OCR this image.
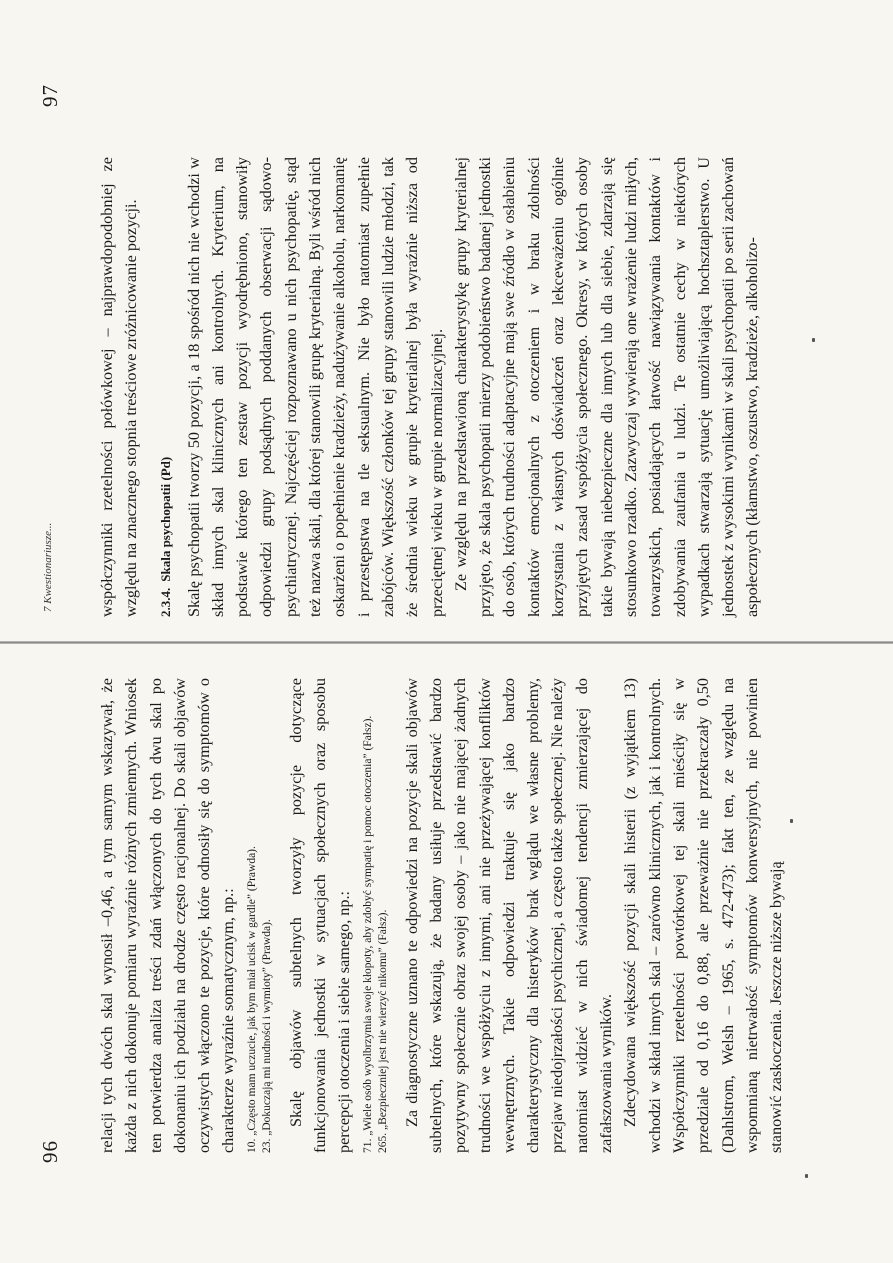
96 relacji tych dwóch skal wynosił –0,46, a tym samym wskazywał, że każda z nich dokonuje pomiaru wyraźnie różnych zmiennych. Wniosek ten potwierdza analiza treści zdań włączonych do tych dwu skal po dokonaniu ich podziału na drodze często racjonalnej. Do skali objawów oczywistych włączono te pozycje, które odnosiły się do symptomów o charakterze wyraźnie somatycznym, np.: 10. „Często mam uczucie, jak bym miał ucisk w gardle” (Prawda). 23. „Dokuczają mi nudności i wymioty” (Prawda). Skalę objawów subtelnych tworzyły pozycje dotyczące funkcjonowania jednostki w sytuacjach społecznych oraz sposobu percepcji otoczenia i siebie samego, np.: 71. „Wiele osób wyolbrzymia swoje kłopoty, aby zdobyć sympatię i pomoc otoczenia” (Fałsz). 265. „Bezpieczniej jest nie wierzyć nikomu” (Fałsz). Za diagnostyczne uznano te odpowiedzi na pozycje skali objawów subtelnych, które wskazują, że badany usiłuje przedstawić bardzo pozytywny społecznie obraz swojej osoby – jako nie mającej żadnych trudności we współżyciu z innymi, ani nie przeżywającej konfliktów wewnętrznych. Takie odpowiedzi traktuje się jako bardzo charakterystyczny dla histeryków brak wglądu we własne problemy, przejaw niedojrzałości psychicznej, a często także społecznej. Nie należy natomiast widzieć w nich świadomej tendencji zmierzającej do zafałszowania wyników. Zdecydowana większość pozycji skali histerii (z wyjątkiem 13) wchodzi w skład innych skal – zarówno klinicznych, jak i kontrolnych. Współczynniki rzetelności powtórkowej tej skali mieściły się w przedziale od 0,16 do 0,88, ale przeważnie nie przekraczały 0,50 (Dahlstrom, Welsh – 1965, s. 472-473); fakt ten, ze względu na wspomnianą nietrwałość symptomów konwersyjnych, nie powinien stanowić zaskoczenia. Jeszcze niższe bywają

7 Kwestionariusze...
97

współczynniki rzetelności połówkowej – najprawdopodobniej ze względu na znacznego stopnia treściowe zróżnicowanie pozycji.	2.3.4.Skala psychopatii (Pd) Skalę psychopatii tworzy 50 pozycji, a 18 spośród nich nie wchodzi w skład innych skal klinicznych ani kontrolnych. Kryterium, na podstawie którego ten zestaw pozycji wyodrębniono, stanowiły odpowiedzi grupy podsądnych poddanych obserwacji sądowo-psychiatrycznej. Najczęściej rozpoznawano u nich psychopatię, stąd też nazwa skali, dla której stanowili grupę kryterialną. Byli wśród nich oskarżeni o popełnienie kradzieży, nadużywanie alkoholu, narkomanię i przestępstwa na tle seksualnym. Nie było natomiast zupełnie zabójców. Większość członków tej grupy stanowili ludzie młodzi, tak że średnia wieku w grupie kryterialnej była wyraźnie niższa od przeciętnej wieku w grupie normalizacyjnej. Ze względu na przedstawioną charakterystykę grupy kryterialnej przyjęto, że skala psychopatii mierzy podobieństwo badanej jednostki do osób, których trudności adaptacyjne mają swe źródło w osłabieniu kontaktów emocjonalnych z otoczeniem i w braku zdolności korzystania z własnych doświadczeń oraz lekceważeniu ogólnie przyjętych zasad współżycia społecznego. Okresy, w których osoby takie bywają niebezpieczne dla innych lub dla siebie, zdarzają się stosunkowo rzadko. Zazwyczaj wywierają one wrażenie ludzi miłych, towarzyskich, posiadających łatwość nawiązywania kontaktów i zdobywania zaufania u ludzi. Te ostatnie cechy w niektórych wypadkach stwarzają sytuację umożliwiającą hochsztaplerstwo. U jednostek z wysokimi wynikami w skali psychopatii po serii zachowań aspołecznych (kłamstwo, oszustwo, kradzieże, alkoholizo-
